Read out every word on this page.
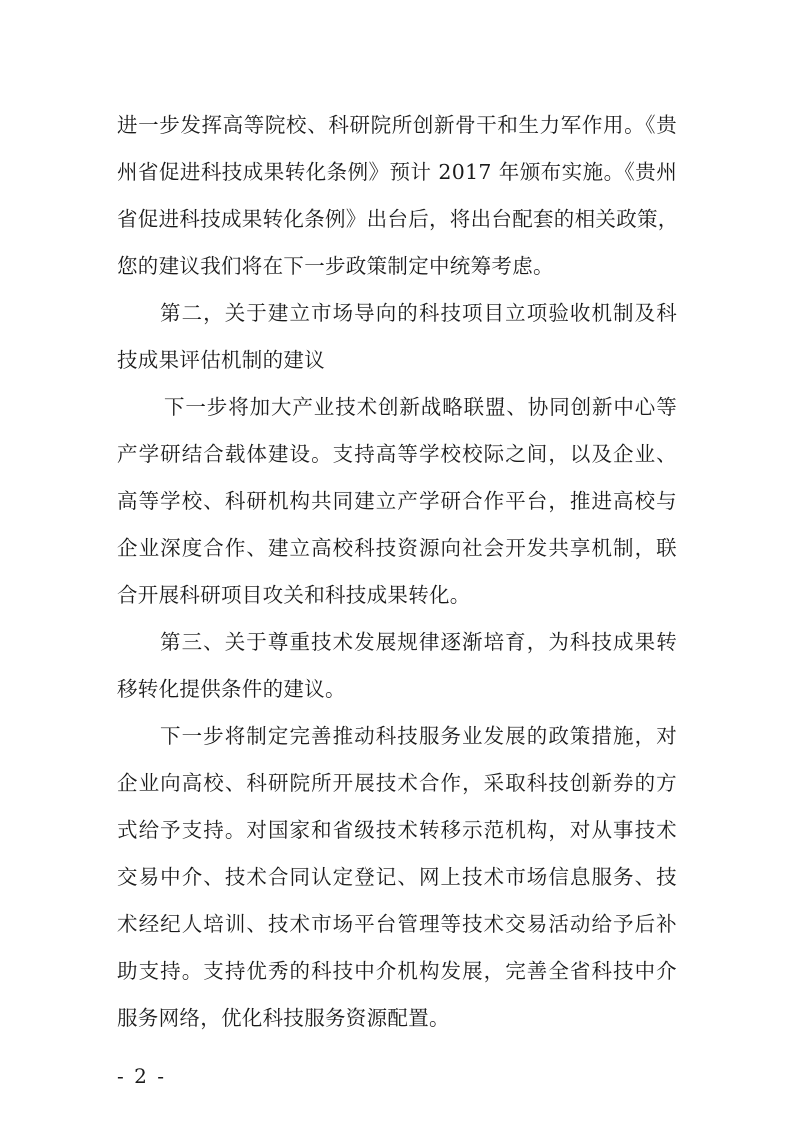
进一步发挥高等院校、科研院所创新骨干和生力军作用。《贵
州省促进科技成果转化条例》预计 2017 年颁布实施。《贵州
省促进科技成果转化条例》出台后，将出台配套的相关政策，
您的建议我们将在下一步政策制定中统筹考虑。
第二，关于建立市场导向的科技项目立项验收机制及科
技成果评估机制的建议
下一步将加大产业技术创新战略联盟、协同创新中心等
产学研结合载体建设。支持高等学校校际之间，以及企业、
高等学校、科研机构共同建立产学研合作平台，推进高校与
企业深度合作、建立高校科技资源向社会开发共享机制，联
合开展科研项目攻关和科技成果转化。
第三、关于尊重技术发展规律逐渐培育，为科技成果转
移转化提供条件的建议。
下一步将制定完善推动科技服务业发展的政策措施，对
企业向高校、科研院所开展技术合作，采取科技创新券的方
式给予支持。对国家和省级技术转移示范机构，对从事技术
交易中介、技术合同认定登记、网上技术市场信息服务、技
术经纪人培训、技术市场平台管理等技术交易活动给予后补
助支持。支持优秀的科技中介机构发展，完善全省科技中介
服务网络，优化科技服务资源配置。
- 2 -
